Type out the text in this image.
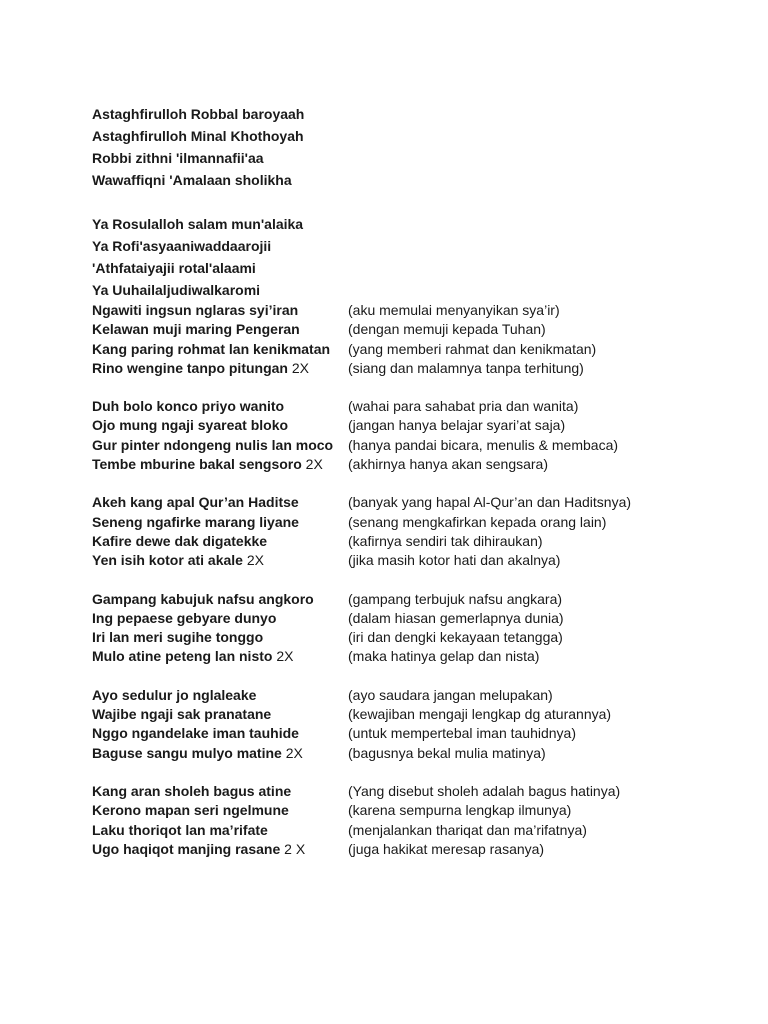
Astaghfirulloh Robbal baroyaah
Astaghfirulloh Minal Khothoyah
Robbi zithni 'ilmannafii'aa
Wawaffiqni 'Amalaan sholikha
Ya Rosulalloh salam mun'alaika
Ya Rofi'asyaaniwaddaarojii
'Athfataiyajii rotal'alaami
Ya Uuhailaljudiwalkaromi
Ngawiti ingsun nglaras syi’iran	(aku memulai menyanyikan sya’ir)
Kelawan muji maring Pengeran	(dengan memuji kepada Tuhan)
Kang paring rohmat lan kenikmatan (yang memberi rahmat dan kenikmatan)
Rino wengine tanpo pitungan 2X	(siang dan malamnya tanpa terhitung)
Duh bolo konco priyo wanito	(wahai para sahabat pria dan wanita)
Ojo mung ngaji syareat bloko	(jangan hanya belajar syari’at saja)
Gur pinter ndongeng nulis lan moco (hanya pandai bicara, menulis & membaca)
Tembe mburine bakal sengsoro 2X (akhirnya hanya akan sengsara)
Akeh kang apal Qur’an Haditse	(banyak yang hapal Al-Qur’an dan Haditsnya)
Seneng ngafirke marang liyane	(senang mengkafirkan kepada orang lain)
Kafire dewe dak digatekke	(kafirnya sendiri tak dihiraukan)
Yen isih kotor ati akale 2X	(jika masih kotor hati dan akalnya)
Gampang kabujuk nafsu angkoro (gampang terbujuk nafsu angkara)
Ing pepaese gebyare dunyo	(dalam hiasan gemerlapnya dunia)
Iri lan meri sugihe tonggo	(iri dan dengki kekayaan tetangga)
Mulo atine peteng lan nisto 2X	(maka hatinya gelap dan nista)
Ayo sedulur jo nglaleake	(ayo saudara jangan melupakan)
Wajibe ngaji sak pranatane	(kewajiban mengaji lengkap dg aturannya)
Nggo ngandelake iman tauhide	(untuk mempertebal iman tauhidnya)
Baguse sangu mulyo matine 2X	(bagusnya bekal mulia matinya)
Kang aran sholeh bagus atine	(Yang disebut sholeh adalah bagus hatinya)
Kerono mapan seri ngelmune	(karena sempurna lengkap ilmunya)
Laku thoriqot lan ma’rifate	(menjalankan thariqat dan ma’rifatnya)
Ugo haqiqot manjing rasane 2 X	(juga hakikat meresap rasanya)
